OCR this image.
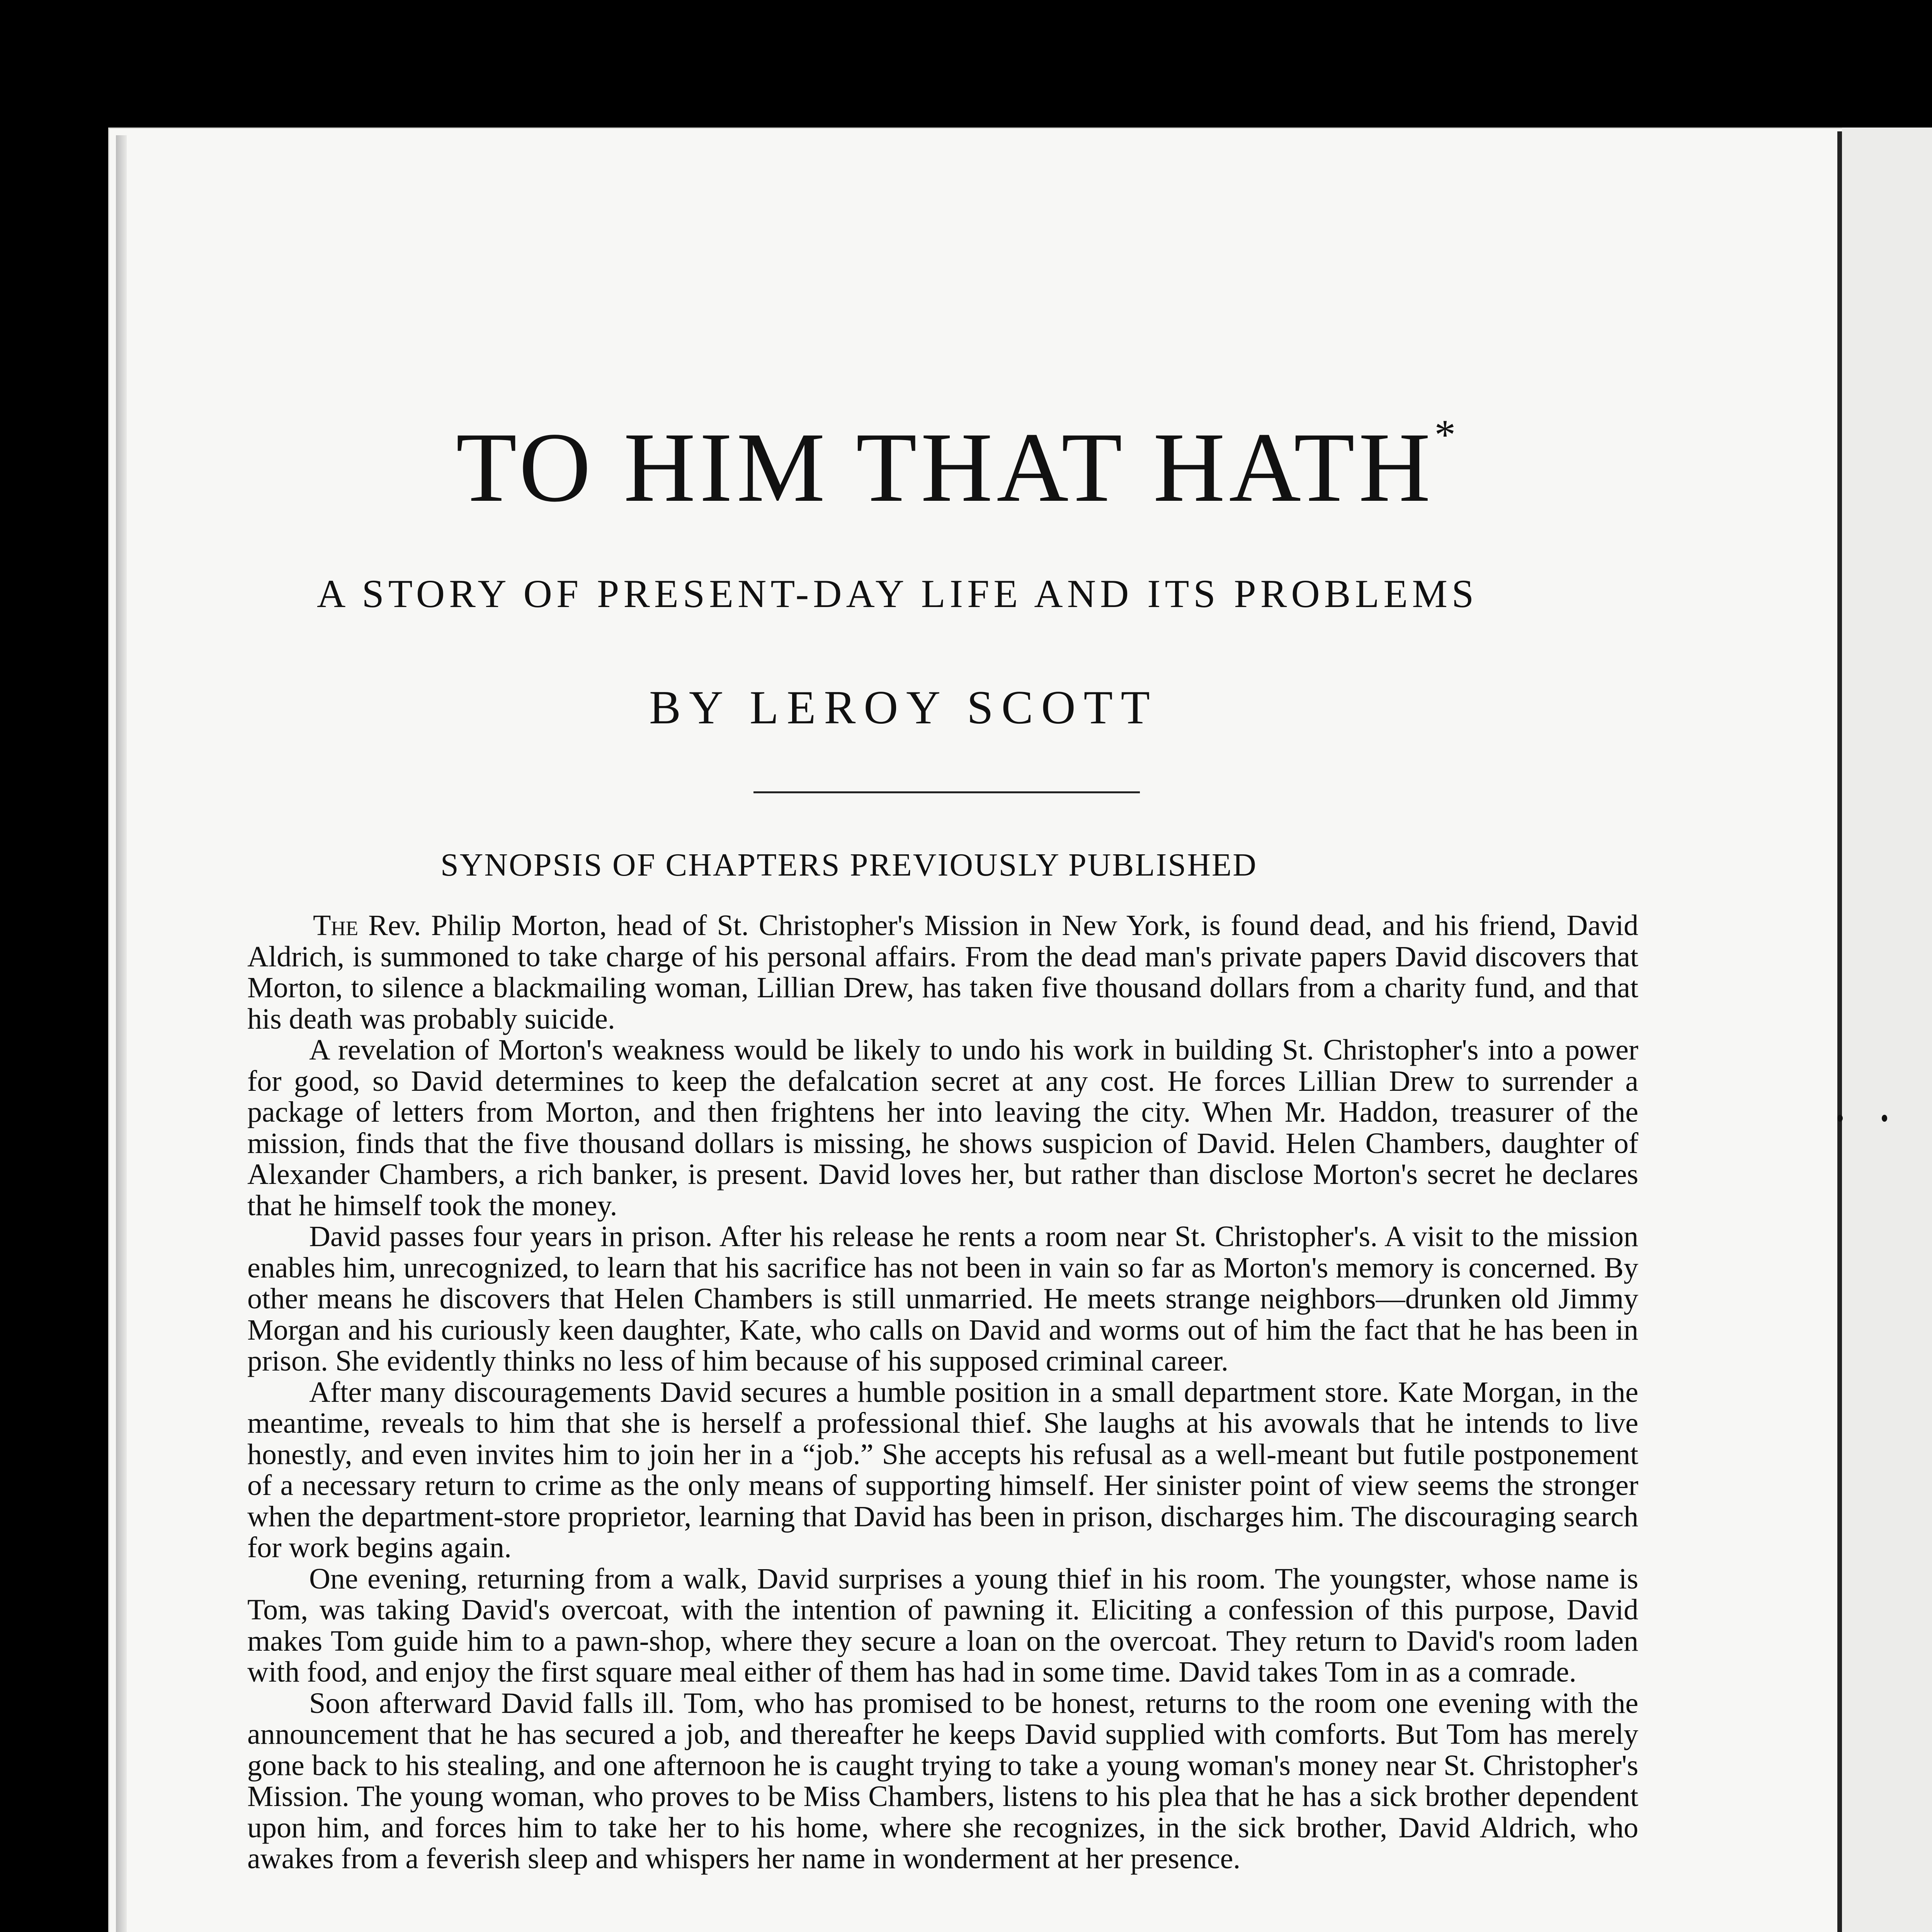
TO HIM THAT HATH*
A STORY OF PRESENT-DAY LIFE AND ITS PROBLEMS
BY LEROY SCOTT
SYNOPSIS OF CHAPTERS PREVIOUSLY PUBLISHED

The Rev. Philip Morton, head of St. Christopher's Mission in New York, is found dead, and his friend, David Aldrich, is summoned to take charge of his personal affairs. From the dead man's private papers David discovers that Morton, to silence a blackmailing woman, Lillian Drew, has taken five thousand dollars from a charity fund, and that his death was probably suicide.

A revelation of Morton's weakness would be likely to undo his work in building St. Christopher's into a power for good, so David determines to keep the defalcation secret at any cost. He forces Lillian Drew to surrender a package of letters from Morton, and then frightens her into leaving the city. When Mr. Haddon, treasurer of the mission, finds that the five thousand dollars is missing, he shows suspicion of David. Helen Chambers, daughter of Alexander Chambers, a rich banker, is present. David loves her, but rather than disclose Morton's secret he declares that he himself took the money.

David passes four years in prison. After his release he rents a room near St. Christopher's. A visit to the mission enables him, unrecognized, to learn that his sacrifice has not been in vain so far as Morton's memory is concerned. By other means he discovers that Helen Chambers is still unmarried. He meets strange neighbors—drunken old Jimmy Morgan and his curiously keen daughter, Kate, who calls on David and worms out of him the fact that he has been in prison. She evidently thinks no less of him because of his supposed criminal career.

After many discouragements David secures a humble position in a small department store. Kate Morgan, in the meantime, reveals to him that she is herself a professional thief. She laughs at his avowals that he intends to live honestly, and even invites him to join her in a “job.” She accepts his refusal as a well-meant but futile postponement of a necessary return to crime as the only means of supporting himself. Her sinister point of view seems the stronger when the department-store proprietor, learning that David has been in prison, discharges him. The discouraging search for work begins again.

One evening, returning from a walk, David surprises a young thief in his room. The youngster, whose name is Tom, was taking David's overcoat, with the intention of pawning it. Eliciting a confession of this purpose, David makes Tom guide him to a pawn-shop, where they secure a loan on the overcoat. They return to David's room laden with food, and enjoy the first square meal either of them has had in some time. David takes Tom in as a comrade.

Soon afterward David falls ill. Tom, who has promised to be honest, returns to the room one evening with the announcement that he has secured a job, and thereafter he keeps David supplied with comforts. But Tom has merely gone back to his stealing, and one afternoon he is caught trying to take a young woman's money near St. Christopher's Mission. The young woman, who proves to be Miss Chambers, listens to his plea that he has a sick brother dependent upon him, and forces him to take her to his home, where she recognizes, in the sick brother, David Aldrich, who awakes from a feverish sleep and whispers her name in wonderment at her presence.
